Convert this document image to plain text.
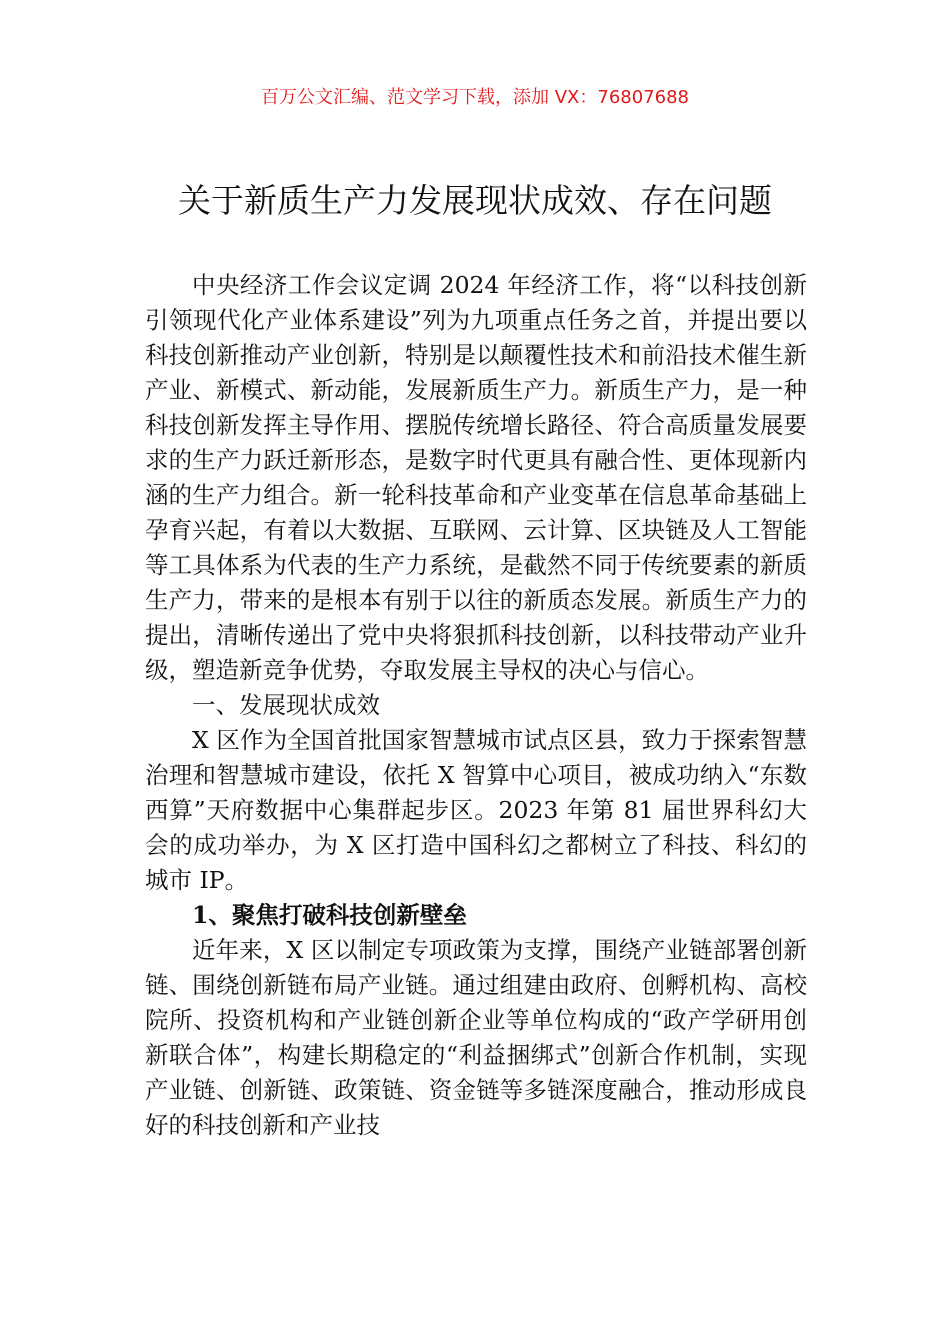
百万公文汇编、范文学习下载，添加 VX：76807688
关于新质生产力发展现状成效、存在问题

中央经济工作会议定调 2024 年经济工作，将“以科技创新引领现代化产业体系建设”列为九项重点任务之首，并提出要以科技创新推动产业创新，特别是以颠覆性技术和前沿技术催生新产业、新模式、新动能，发展新质生产力。新质生产力，是一种科技创新发挥主导作用、摆脱传统增长路径、符合高质量发展要求的生产力跃迁新形态，是数字时代更具有融合性、更体现新内涵的生产力组合。新一轮科技革命和产业变革在信息革命基础上孕育兴起，有着以大数据、互联网、云计算、区块链及人工智能等工具体系为代表的生产力系统，是截然不同于传统要素的新质生产力，带来的是根本有别于以往的新质态发展。新质生产力的提出，清晰传递出了党中央将狠抓科技创新，以科技带动产业升级，塑造新竞争优势，夺取发展主导权的决心与信心。

一、发展现状成效

X 区作为全国首批国家智慧城市试点区县，致力于探索智慧治理和智慧城市建设，依托 X 智算中心项目，被成功纳入“东数西算”天府数据中心集群起步区。2023 年第 81 届世界科幻大会的成功举办，为 X 区打造中国科幻之都树立了科技、科幻的城市 IP。

1、聚焦打破科技创新壁垒

近年来，X 区以制定专项政策为支撑，围绕产业链部署创新链、围绕创新链布局产业链。通过组建由政府、创孵机构、高校院所、投资机构和产业链创新企业等单位构成的“政产学研用创新联合体”，构建长期稳定的“利益捆绑式”创新合作机制，实现产业链、创新链、政策链、资金链等多链深度融合，推动形成良好的科技创新和产业技
